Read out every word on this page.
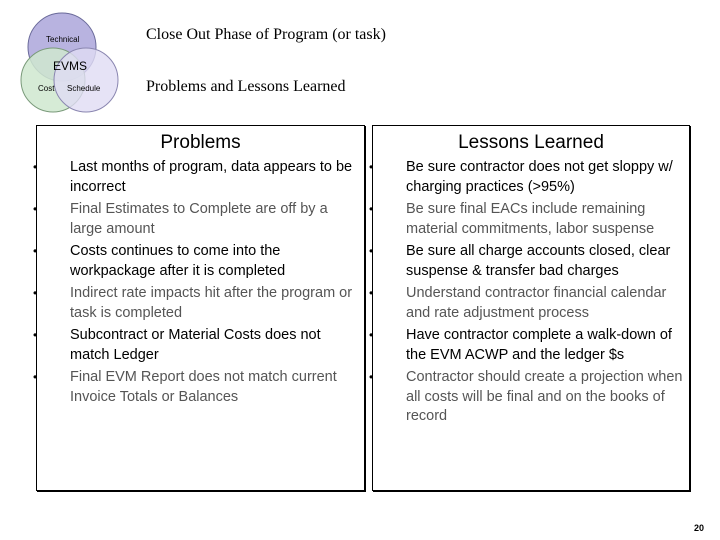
Technical
EVMS
Cost Schedule
Close Out Phase of Program (or task)
Problems and Lessons Learned
Problems
• Last months of program, data appears to be incorrect
• Final Estimates to Complete are off by a large amount
• Costs continues to come into the workpackage after it is completed
• Indirect rate impacts hit after the program or task is completed
• Subcontract or Material Costs does not match Ledger
• Final EVM Report does not match current Invoice Totals or Balances
Lessons Learned
• Be sure contractor does not get sloppy w/ charging practices (>95%)
• Be sure final EACs include remaining material commitments, labor suspense
• Be sure all charge accounts closed, clear suspense & transfer bad charges
• Understand contractor financial calendar and rate adjustment process
• Have contractor complete a walk-down of the EVM ACWP and the ledger $s
• Contractor should create a projection when all costs will be final and on the books of record
20
